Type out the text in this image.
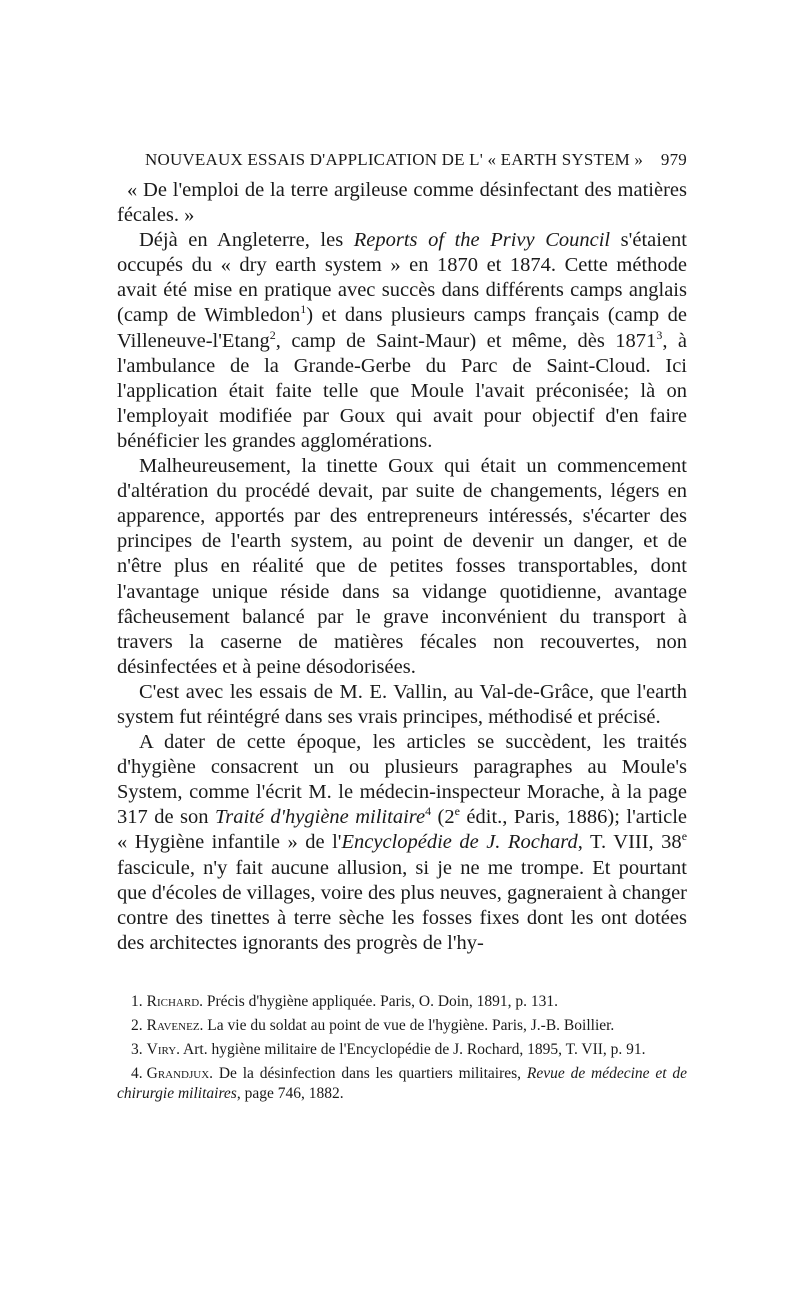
NOUVEAUX ESSAIS D'APPLICATION DE L' « EARTH SYSTEM » 979

« De l'emploi de la terre argileuse comme désinfectant des matières fécales. »

Déjà en Angleterre, les Reports of the Privy Council s'étaient occupés du « dry earth system » en 1870 et 1874. Cette méthode avait été mise en pratique avec succès dans différents camps anglais (camp de Wimbledon$^1$) et dans plusieurs camps français (camp de Villeneuve-l'Etang$^2$, camp de Saint-Maur) et même, dès 1871$^3$, à l'ambulance de la Grande-Gerbe du Parc de Saint-Cloud. Ici l'application était faite telle que Moule l'avait préconisée; là on l'employait modifiée par Goux qui avait pour objectif d'en faire bénéficier les grandes agglomérations.

Malheureusement, la tinette Goux qui était un commencement d'altération du procédé devait, par suite de changements, légers en apparence, apportés par des entrepreneurs intéressés, s'écarter des principes de l'earth system, au point de devenir un danger, et de n'être plus en réalité que de petites fosses transportables, dont l'avantage unique réside dans sa vidange quotidienne, avantage fâcheusement balancé par le grave inconvénient du transport à travers la caserne de matières fécales non recouvertes, non désinfectées et à peine désodorisées.

C'est avec les essais de M. E. Vallin, au Val-de-Grâce, que l'earth system fut réintégré dans ses vrais principes, méthodisé et précisé.

A dater de cette époque, les articles se succèdent, les traités d'hygiène consacrent un ou plusieurs paragraphes au Moule's System, comme l'écrit M. le médecin-inspecteur Morache, à la page 317 de son Traité d'hygiène militaire$^4$ (2e édit., Paris, 1886); l'article « Hygiène infantile » de l'Encyclopédie de J. Rochard, T. VIII, 38e fascicule, n'y fait aucune allusion, si je ne me trompe. Et pourtant que d'écoles de villages, voire des plus neuves, gagneraient à changer contre des tinettes à terre sèche les fosses fixes dont les ont dotées des architectes ignorants des progrès de l'hy-

1. Richard. Précis d'hygiène appliquée. Paris, O. Doin, 1891, p. 131.

2. Ravenez. La vie du soldat au point de vue de l'hygiène. Paris, J.-B. Boillier.

3. Viry. Art. hygiène militaire de l'Encyclopédie de J. Rochard, 1895, T. VII, p. 91.

4. Grandjux. De la désinfection dans les quartiers militaires, Revue de médecine et de chirurgie militaires, page 746, 1882.
